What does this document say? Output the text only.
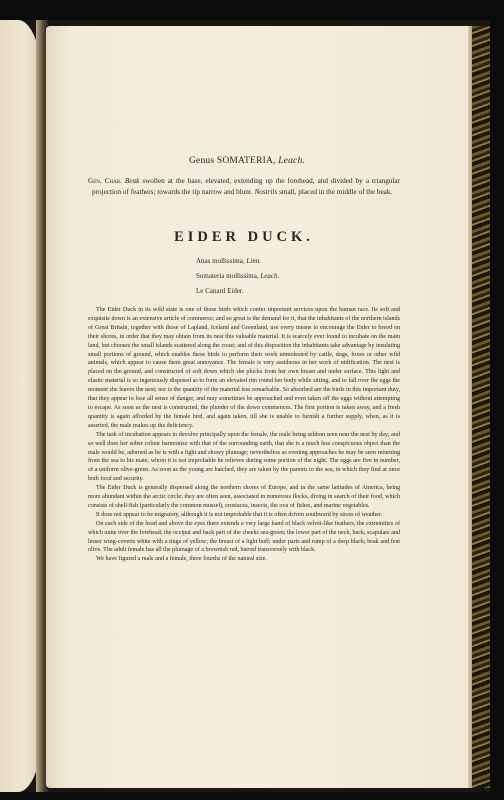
Genus SOMATERIA, Leach.

Gen. Char. Beak swollen at the base, elevated, extending up the forehead, and divided by a triangular projection of feathers; towards the tip narrow and blunt. Nostrils small, placed in the middle of the beak.

EIDER DUCK.
Anas mollissima, Linn.
Somateria mollissima, Leach.
Le Canard Eider.

The Eider Duck in its wild state is one of those birds which confer important services upon the human race. Its soft and exquisite down is an extensive article of commerce; and so great is the demand for it, that the inhabitants of the northern islands of Great Britain, together with those of Lapland, Iceland and Greenland, use every means to encourage the Eider to breed on their shores, in order that they may obtain from its nest this valuable material. It is scarcely ever found to incubate on the main land, but chooses the small islands scattered along the coast; and of this disposition the inhabitants take advantage by insulating small portions of ground, which enables these birds to perform their work unmolested by cattle, dogs, foxes or other wild animals, which appear to cause them great annoyance. The female is very assiduous in her work of nidification. The nest is placed on the ground, and constructed of soft down which she plucks from her own breast and under surface. This light and elastic material is so ingeniously disposed as to form an elevated rim round her body while sitting, and to fall over the eggs the moment she leaves the nest; nor is the quantity of the material less remarkable. So absorbed are the birds in this important duty, that they appear to lose all sense of danger, and may sometimes be approached and even taken off the eggs without attempting to escape. As soon as the nest is constructed, the plunder of the down commences. The first portion is taken away, and a fresh quantity is again afforded by the female bird, and again taken, till she is unable to furnish a further supply, when, as it is asserted, the male makes up the deficiency.

The task of incubation appears to devolve principally upon the female, the male being seldom seen near the nest by day; and so well does her sober colour harmonize with that of the surrounding earth, that she is a much less conspicuous object than the male would be, adorned as he is with a light and showy plumage; nevertheless as evening approaches he may be seen returning from the sea to his mate, whom it is not improbable he relieves during some portion of the night. The eggs are five in number, of a uniform olive-green. As soon as the young are hatched, they are taken by the parents to the sea, in which they find at once both food and security.

The Eider Duck is generally dispersed along the northern shores of Europe, and in the same latitudes of America, being more abundant within the arctic circle; they are often seen, associated in numerous flocks, diving in search of their food, which consists of shell-fish (particularly the common mussel), crustacea, insects, the ova of fishes, and marine vegetables.

It does not appear to be migratory, although it is not improbable that it is often driven southward by stress of weather.

On each side of the head and above the eyes there extends a very large band of black velvet-like feathers, the extremities of which unite over the forehead; the occiput and back part of the cheeks sea-green; the lower part of the neck, back, scapulars and lesser wing-coverts white with a tinge of yellow; the breast of a light buff; under parts and rump of a deep black; beak and feet olive. The adult female has all the plumage of a brownish red, barred transversely with black.

We have figured a male and a female, three fourths of the natural size.
